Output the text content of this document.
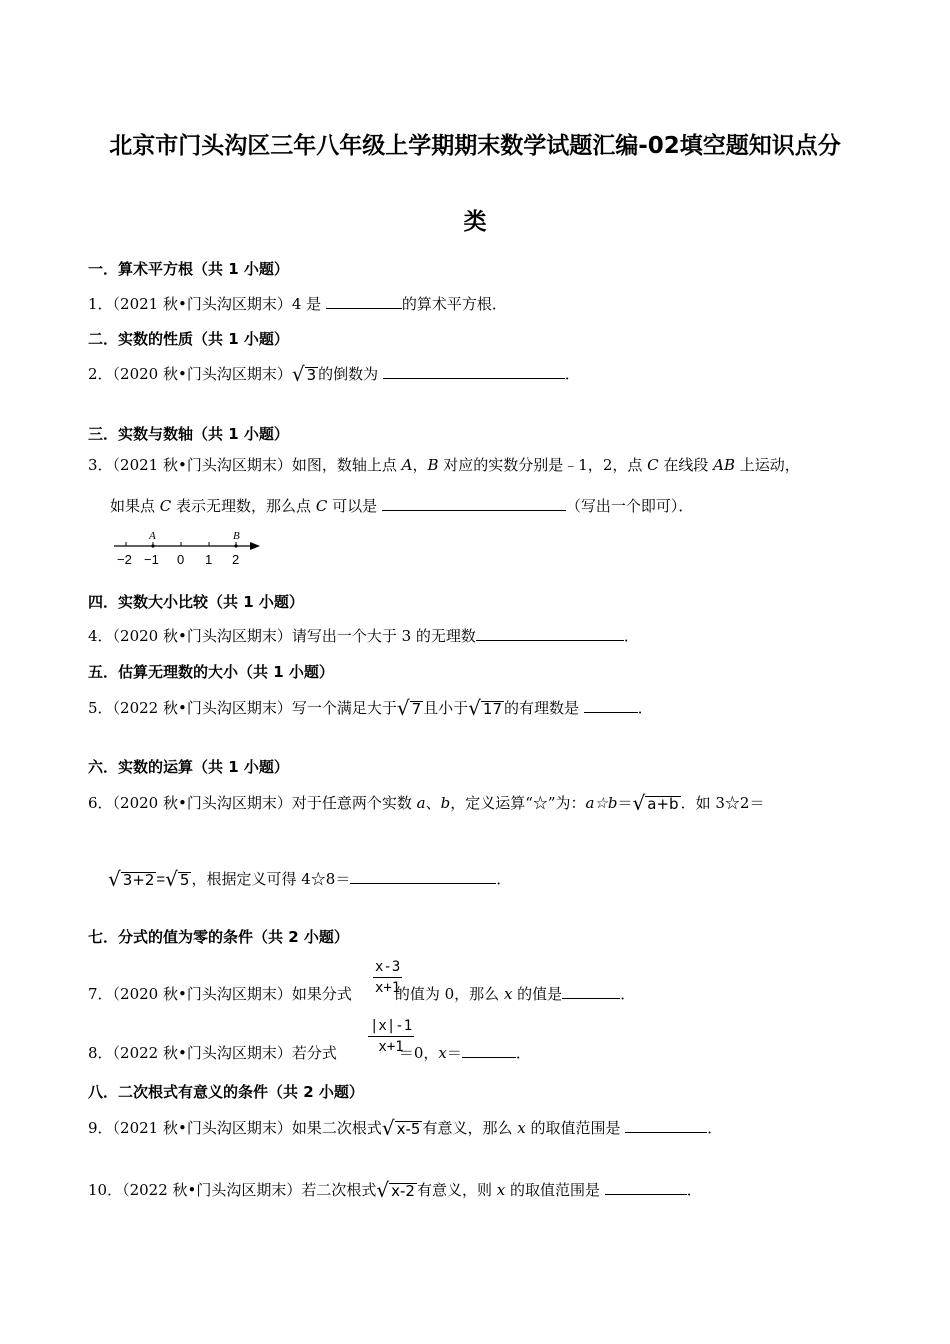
北京市门头沟区三年八年级上学期期末数学试题汇编-02填空题知识点分
类
一．算术平方根（共 1 小题）
1．（2021 秋•门头沟区期末）4 是	的算术平方根．
二．实数的性质（共 1 小题）
2．（2020 秋•门头沟区期末） √ 3 的倒数为	．
三．实数与数轴（共 1 小题）
3．（2021 秋•门头沟区期末）如图，数轴上点 A，B 对应的实数分别是﹣1，2，点 C 在线段 AB 上运动，
如果点 C 表示无理数，那么点 C 可以是	（写出一个即可）．
A	B
−2 −1 0 1 2
四．实数大小比较（共 1 小题）
4．（2020 秋•门头沟区期末）请写出一个大于 3 的无理数	．
五．估算无理数的大小（共 1 小题）
5．（2022 秋•门头沟区期末）写一个满足大于 √ 7 且小于 √ 17 的有理数是	．
六．实数的运算（共 1 小题）
6．（2020 秋•门头沟区期末）对于任意两个实数 a、b，定义运算“☆”为：a☆b＝ √ a+b ．如 3☆2＝
√ 3+2 = √ 5 ，根据定义可得 4☆8＝	．
七．分式的值为零的条件（共 2 小题）
$\frac{x-3}{x+1}$
7．（2020 秋•门头沟区期末）如果分式	的值为 0，那么 x 的值是	．
$\frac{|x|-1}{x+1}$
8．（2022 秋•门头沟区期末）若分式	＝0，x＝	．
八．二次根式有意义的条件（共 2 小题）
9．（2021 秋•门头沟区期末）如果二次根式 √ x-5 有意义，那么 x 的取值范围是	．
10．（2022 秋•门头沟区期末）若二次根式 √ x-2 有意义，则 x 的取值范围是	．
